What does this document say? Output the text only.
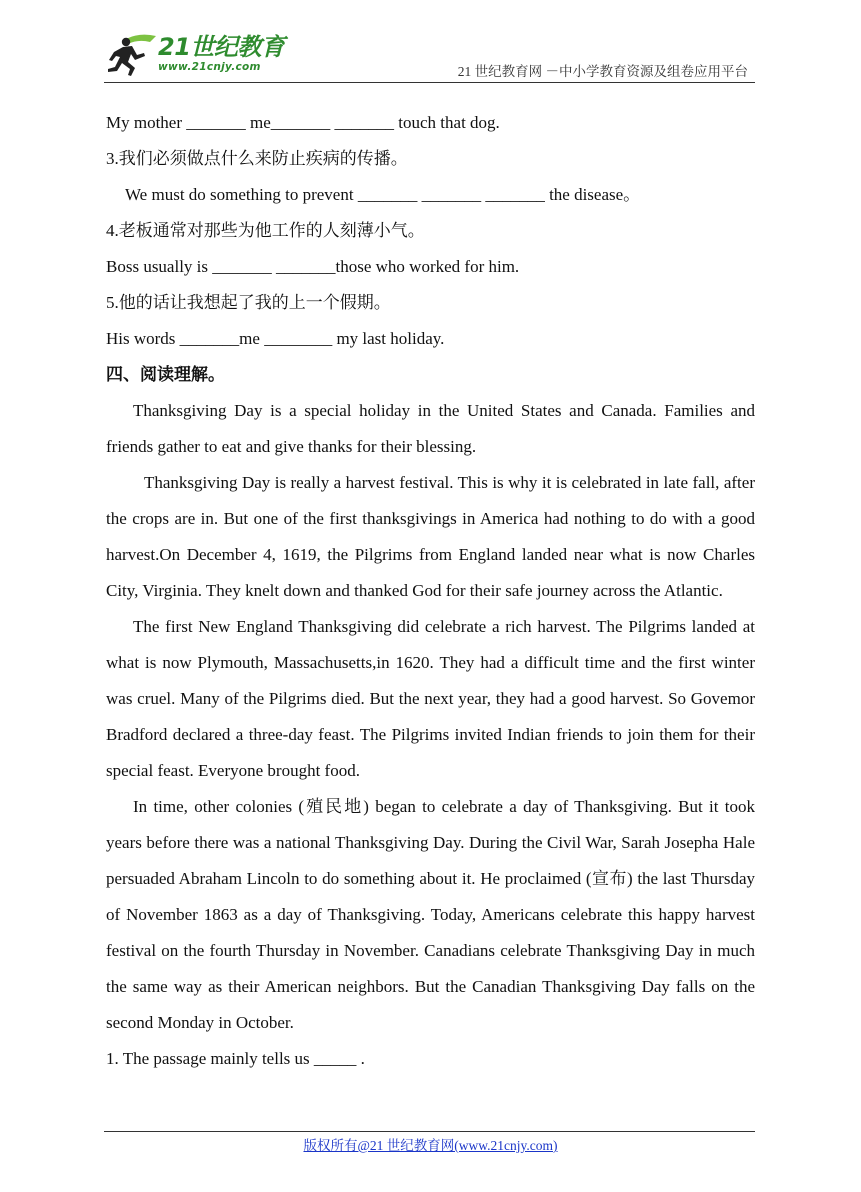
21世纪教育
www.21cnjy.com	21 世纪教育网 －中小学教育资源及组卷应用平台
My mother _______ me_______ _______ touch that dog.
3.我们必须做点什么来防止疾病的传播。
We must do something to prevent _______ _______ _______ the disease。
4.老板通常对那些为他工作的人刻薄小气。
Boss usually is _______ _______those who worked for him.
5.他的话让我想起了我的上一个假期。
His words _______me ________ my last holiday.
四、阅读理解。

Thanksgiving Day is a special holiday in the United States and Canada. Families and friends gather to eat and give thanks for their blessing.

Thanksgiving Day is really a harvest festival. This is why it is celebrated in late fall, after the crops are in. But one of the first thanksgivings in America had nothing to do with a good harvest.On December 4, 1619, the Pilgrims from England landed near what is now Charles City, Virginia. They knelt down and thanked God for their safe journey across the Atlantic.

The first New England Thanksgiving did celebrate a rich harvest. The Pilgrims landed at what is now Plymouth, Massachusetts,in 1620. They had a difficult time and the first winter was cruel. Many of the Pilgrims died. But the next year, they had a good harvest. So Govemor Bradford declared a three-day feast. The Pilgrims invited Indian friends to join them for their special feast. Everyone brought food.

In time, other colonies (殖民地) began to celebrate a day of Thanksgiving. But it took years before there was a national Thanksgiving Day. During the Civil War, Sarah Josepha Hale persuaded Abraham Lincoln to do something about it. He proclaimed (宣布) the last Thursday of November 1863 as a day of Thanksgiving. Today, Americans celebrate this happy harvest festival on the fourth Thursday in November. Canadians celebrate Thanksgiving Day in much the same way as their American neighbors. But the Canadian Thanksgiving Day falls on the second Monday in October.

1. The passage mainly tells us _____ .
版权所有@21 世纪教育网(www.21cnjy.com)
